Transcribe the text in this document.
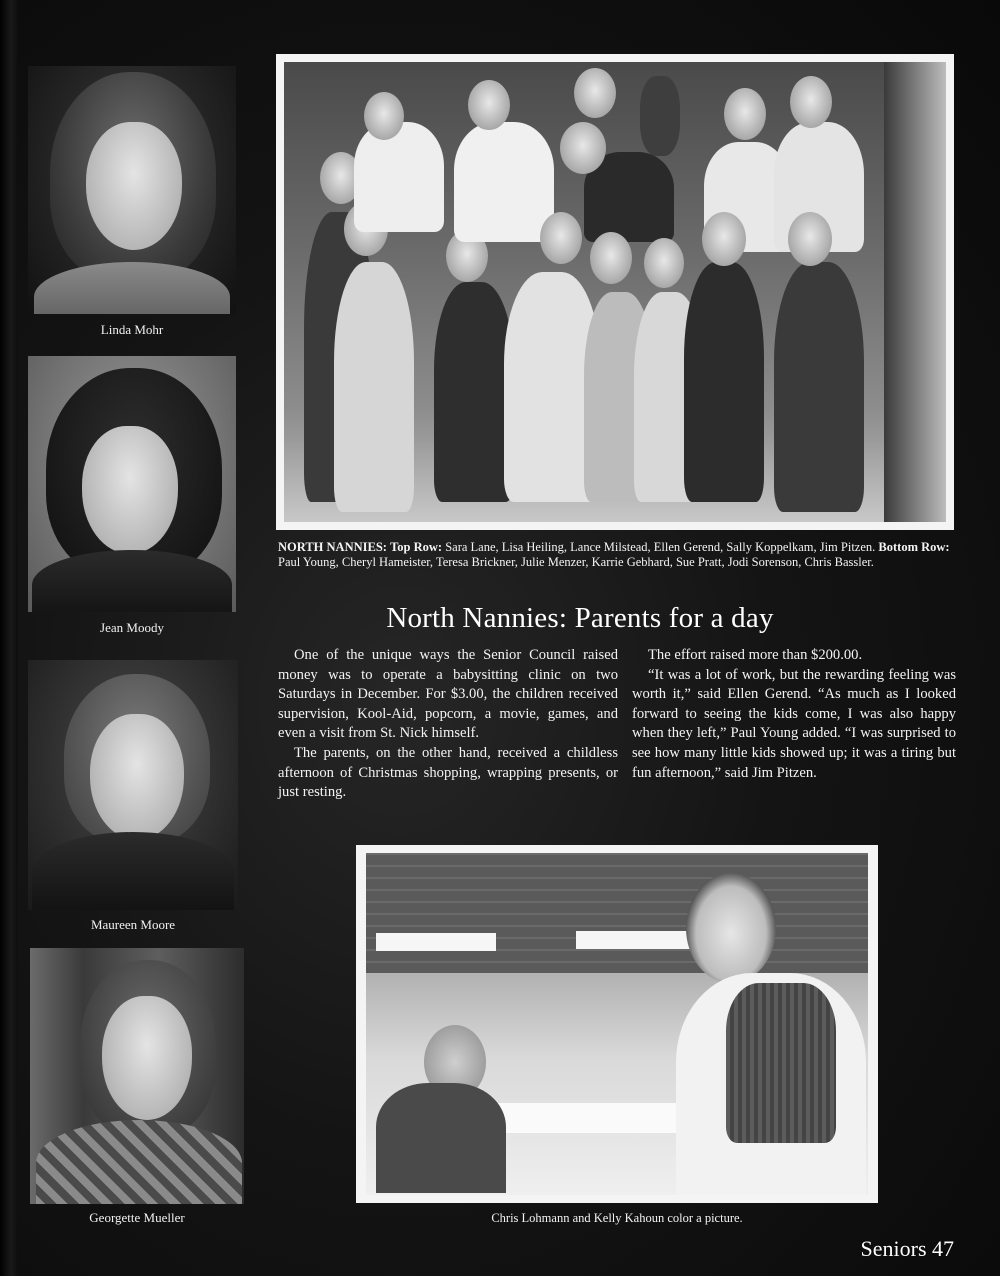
Linda Mohr
Jean Moody
Maureen Moore
Georgette Mueller
NORTH NANNIES: Top Row: Sara Lane, Lisa Heiling, Lance Milstead, Ellen Gerend, Sally Koppelkam, Jim Pitzen. Bottom Row: Paul Young, Cheryl Hameister, Teresa Brickner, Julie Menzer, Karrie Gebhard, Sue Pratt, Jodi Sorenson, Chris Bassler.
North Nannies: Parents for a day

One of the unique ways the Senior Council raised money was to operate a babysitting clinic on two Saturdays in December. For $3.00, the children received supervision, Kool-Aid, popcorn, a movie, games, and even a visit from St. Nick himself.

The parents, on the other hand, received a childless afternoon of Christmas shopping, wrapping presents, or just resting.

The effort raised more than $200.00.

“It was a lot of work, but the rewarding feeling was worth it,” said Ellen Gerend. “As much as I looked forward to seeing the kids come, I was also happy when they left,” Paul Young added. “I was surprised to see how many little kids showed up; it was a tiring but fun afternoon,” said Jim Pitzen.

Chris Lohmann and Kelly Kahoun color a picture.
Seniors 47
